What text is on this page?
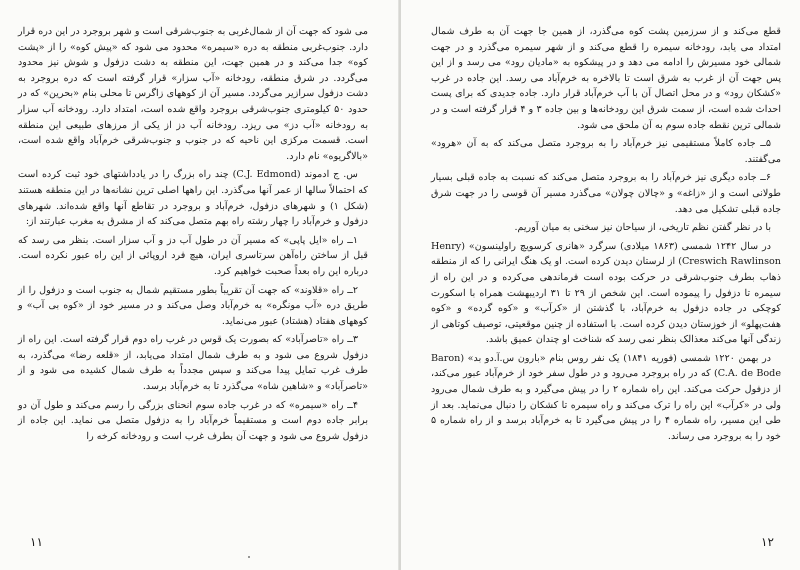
می شود که جهت آن از شمال‌غربی به جنوب‌شرقی است و شهر بروجرد در این دره قرار دارد. جنوب‌غربی منطقه به دره «سیمره» محدود می شود که «پیش کوه» را از «پشت کوه» جدا می‌کند و در همین جهت، این منطقه به دشت دزفول و شوش نیز محدود می‌گردد. در شرق منطقه، رودخانه «آب سزار» قرار گرفته است که دره بروجرد به دشت دزفول سرازیر می‌گردد. مسیر آن از کوههای زاگرس تا محلی بنام «بحرین» که در حدود ۵۰ کیلومتری جنوب‌شرقی بروجرد واقع شده است، امتداد دارد. رودخانه آب سزار به رودخانه «آب دز» می ریزد. رودخانه آب دز از یکی از مرزهای طبیعی این منطقه است. قسمت مرکزی این ناحیه که در جنوب و جنوب‌شرقی خرم‌آباد واقع شده است، «بالاگریوه» نام دارد.

س. ج ادموند (C.J. Edmond) چند راه بزرگ را در یادداشتهای خود ثبت کرده است که احتمالاً سالها از عمر آنها می‌گذرد. این راهها اصلی ترین نشانه‌ها در این منطقه هستند (شکل ۱) و شهرهای دزفول، خرم‌آباد و بروجرد در تقاطع آنها واقع شده‌اند. شهرهای دزفول و خرم‌آباد را چهار رشته راه بهم متصل می‌کند که از مشرق به مغرب عبارتند از:

۱ــ راه «ایل پاپی» که مسیر آن در طول آب دز و آب سزار است. بنظر می رسد که قبل از ساختن راه‌آهن سرتاسری ایران، هیچ فرد اروپائی از این راه عبور نکرده است. درباره این راه بعداً صحبت خواهیم کرد.

۲ــ راه «قلاوند» که جهت آن تقریباً بطور مستقیم شمال به جنوب است و دزفول را از طریق دره «آب مونگره» به خرم‌آباد وصل می‌کند و در مسیر خود از «کوه بی آب» و کوههای هفتاد (هشتاد) عبور می‌نماید.

۳ــ راه «تاصرآباد» که بصورت یک قوس در غرب راه دوم قرار گرفته است. این راه از دزفول شروع می شود و به طرف شمال امتداد می‌یابد، از «قلعه رضا» می‌گذرد، به طرف غرب تمایل پیدا می‌کند و سپس مجدداً به طرف شمال کشیده می شود و از «تاصرآباد» و «شاهین شاه» می‌گذرد تا به خرم‌آباد برسد.

۴ــ راه «سیمره» که در غرب جاده سوم انحنای بزرگی را رسم می‌کند و طول آن دو برابر جاده دوم است و مستقیماً خرم‌آباد را به دزفول متصل می نماید. این جاده از دزفول شروع می شود و جهت آن بطرف غرب است و رودخانه کرخه را

۱۱

قطع می‌کند و از سرزمین پشت کوه می‌گذرد، از همین جا جهت آن به طرف شمال امتداد می یابد، رودخانه سیمره را قطع می‌کند و از شهر سیمره می‌گذرد و در جهت شمالی خود مسیرش را ادامه می دهد و در پیشکوه به «مادیان رود» می رسد و از این پس جهت آن از غرب به شرق است تا بالاخره به خرم‌آباد می رسد. این جاده در غرب «کشکان رود» و در محل اتصال آن با آب خرم‌آباد قرار دارد. جاده جدیدی که برای پست احداث شده است، از سمت شرق این رودخانه‌ها و بین جاده ۳ و ۴ قرار گرفته است و در شمالی ترین نقطه جاده سوم به آن ملحق می شود.

۵ــ جاده کاملاً مستقیمی نیز خرم‌آباد را به بروجرد متصل می‌کند که به آن «هرود» می‌گفتند.

۶ــ جاده دیگری نیز خرم‌آباد را به بروجرد متصل می‌کند که نسبت به جاده قبلی بسیار طولانی است و از «زاغه» و «چالان چولان» می‌گذرد مسیر آن قوسی را در جهت شرق جاده قبلی تشکیل می دهد.

با در نظر گفتن نظم تاریخی، از سیاحان نیز سخنی به میان آوریم.

در سال ۱۲۴۲ شمسی (۱۸۶۳ میلادی) سرگرد «هانری کرسویچ راولینسون» (Henry Creswich Rawlinson) از لرستان دیدن کرده است. او یک هنگ ایرانی را که از منطقه ذهاب بطرف جنوب‌شرقی در حرکت بوده است فرماندهی می‌کرده و در این راه از سیمره تا دزفول را پیموده است. این شخص از ۲۹ تا ۳۱ اردیبهشت همراه با اسکورت کوچکی در جاده دزفول به خرم‌آباد، با گذشتن از «کرآب» و «کوه گرده» و «کوه هفت‌پهلو» از خوزستان دیدن کرده است. با استفاده از چنین موقعیتی، توصیف کوتاهی از زندگی آنها می‌کند معذالک بنظر نمی رسد که شناخت او چندان عمیق باشد.

در بهمن ۱۲۲۰ شمسی (فوریه ۱۸۴۱) یک نفر روس بنام «بارون س.آ.دو بد» (Baron C.A. de Bode) که در راه بروجرد می‌رود و در طول سفر خود از خرم‌آباد عبور می‌کند، از دزفول حرکت می‌کند. این راه شماره ۲ را در پیش می‌گیرد و به طرف شمال می‌رود ولی در «کرآب» این راه را ترک می‌کند و راه سیمره تا کشکان را دنبال می‌نماید. بعد از طی این مسیر، راه شماره ۴ را در پیش می‌گیرد تا به خرم‌آباد برسد و از راه شماره ۵ خود را به بروجرد می رساند.

۱۲
